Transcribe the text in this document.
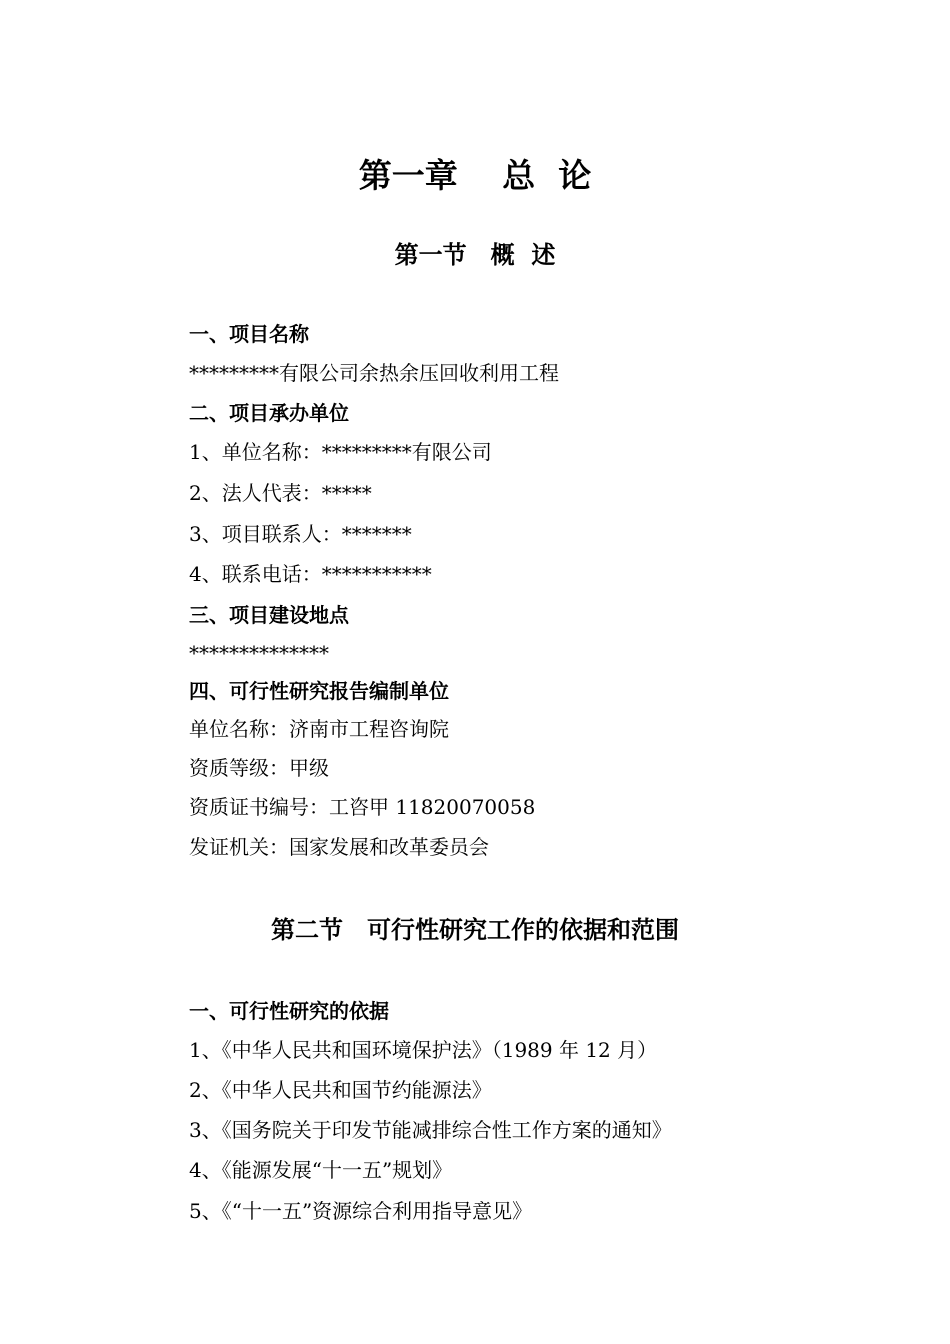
第一章　 总  论
第一节　概  述
一、项目名称
*********有限公司余热余压回收利用工程
二、项目承办单位
1、单位名称：*********有限公司
2、法人代表：*****
3、项目联系人：*******
4、联系电话：***********
三、项目建设地点
**************
四、可行性研究报告编制单位
单位名称：济南市工程咨询院
资质等级：甲级
资质证书编号：工咨甲 11820070058
发证机关：国家发展和改革委员会
第二节　可行性研究工作的依据和范围
一、可行性研究的依据
1、《中华人民共和国环境保护法》（1989 年 12 月）
2、《中华人民共和国节约能源法》
3、《国务院关于印发节能减排综合性工作方案的通知》
4、《能源发展“十一五”规划》
5、《“十一五”资源综合利用指导意见》
